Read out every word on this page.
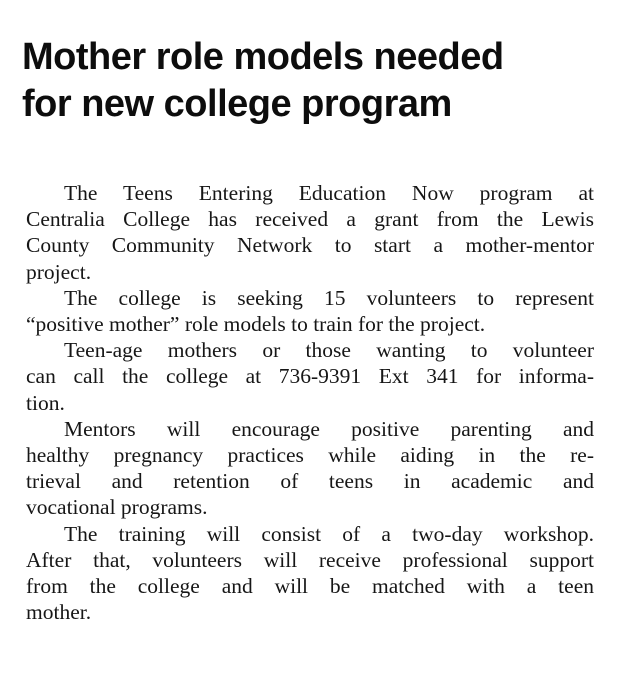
Mother role models needed
for new college program

The Teens Entering Education Now program at
Centralia College has received a grant from the Lewis
County Community Network to start a mother-mentor
project.

The college is seeking 15 volunteers to represent
“positive mother” role models to train for the project.

Teen-age mothers or those wanting to volunteer
can call the college at 736-9391 Ext 341 for informa-
tion.

Mentors will encourage positive parenting and
healthy pregnancy practices while aiding in the re-
trieval and retention of teens in academic and
vocational programs.

The training will consist of a two-day workshop.
After that, volunteers will receive professional support
from the college and will be matched with a teen
mother.
